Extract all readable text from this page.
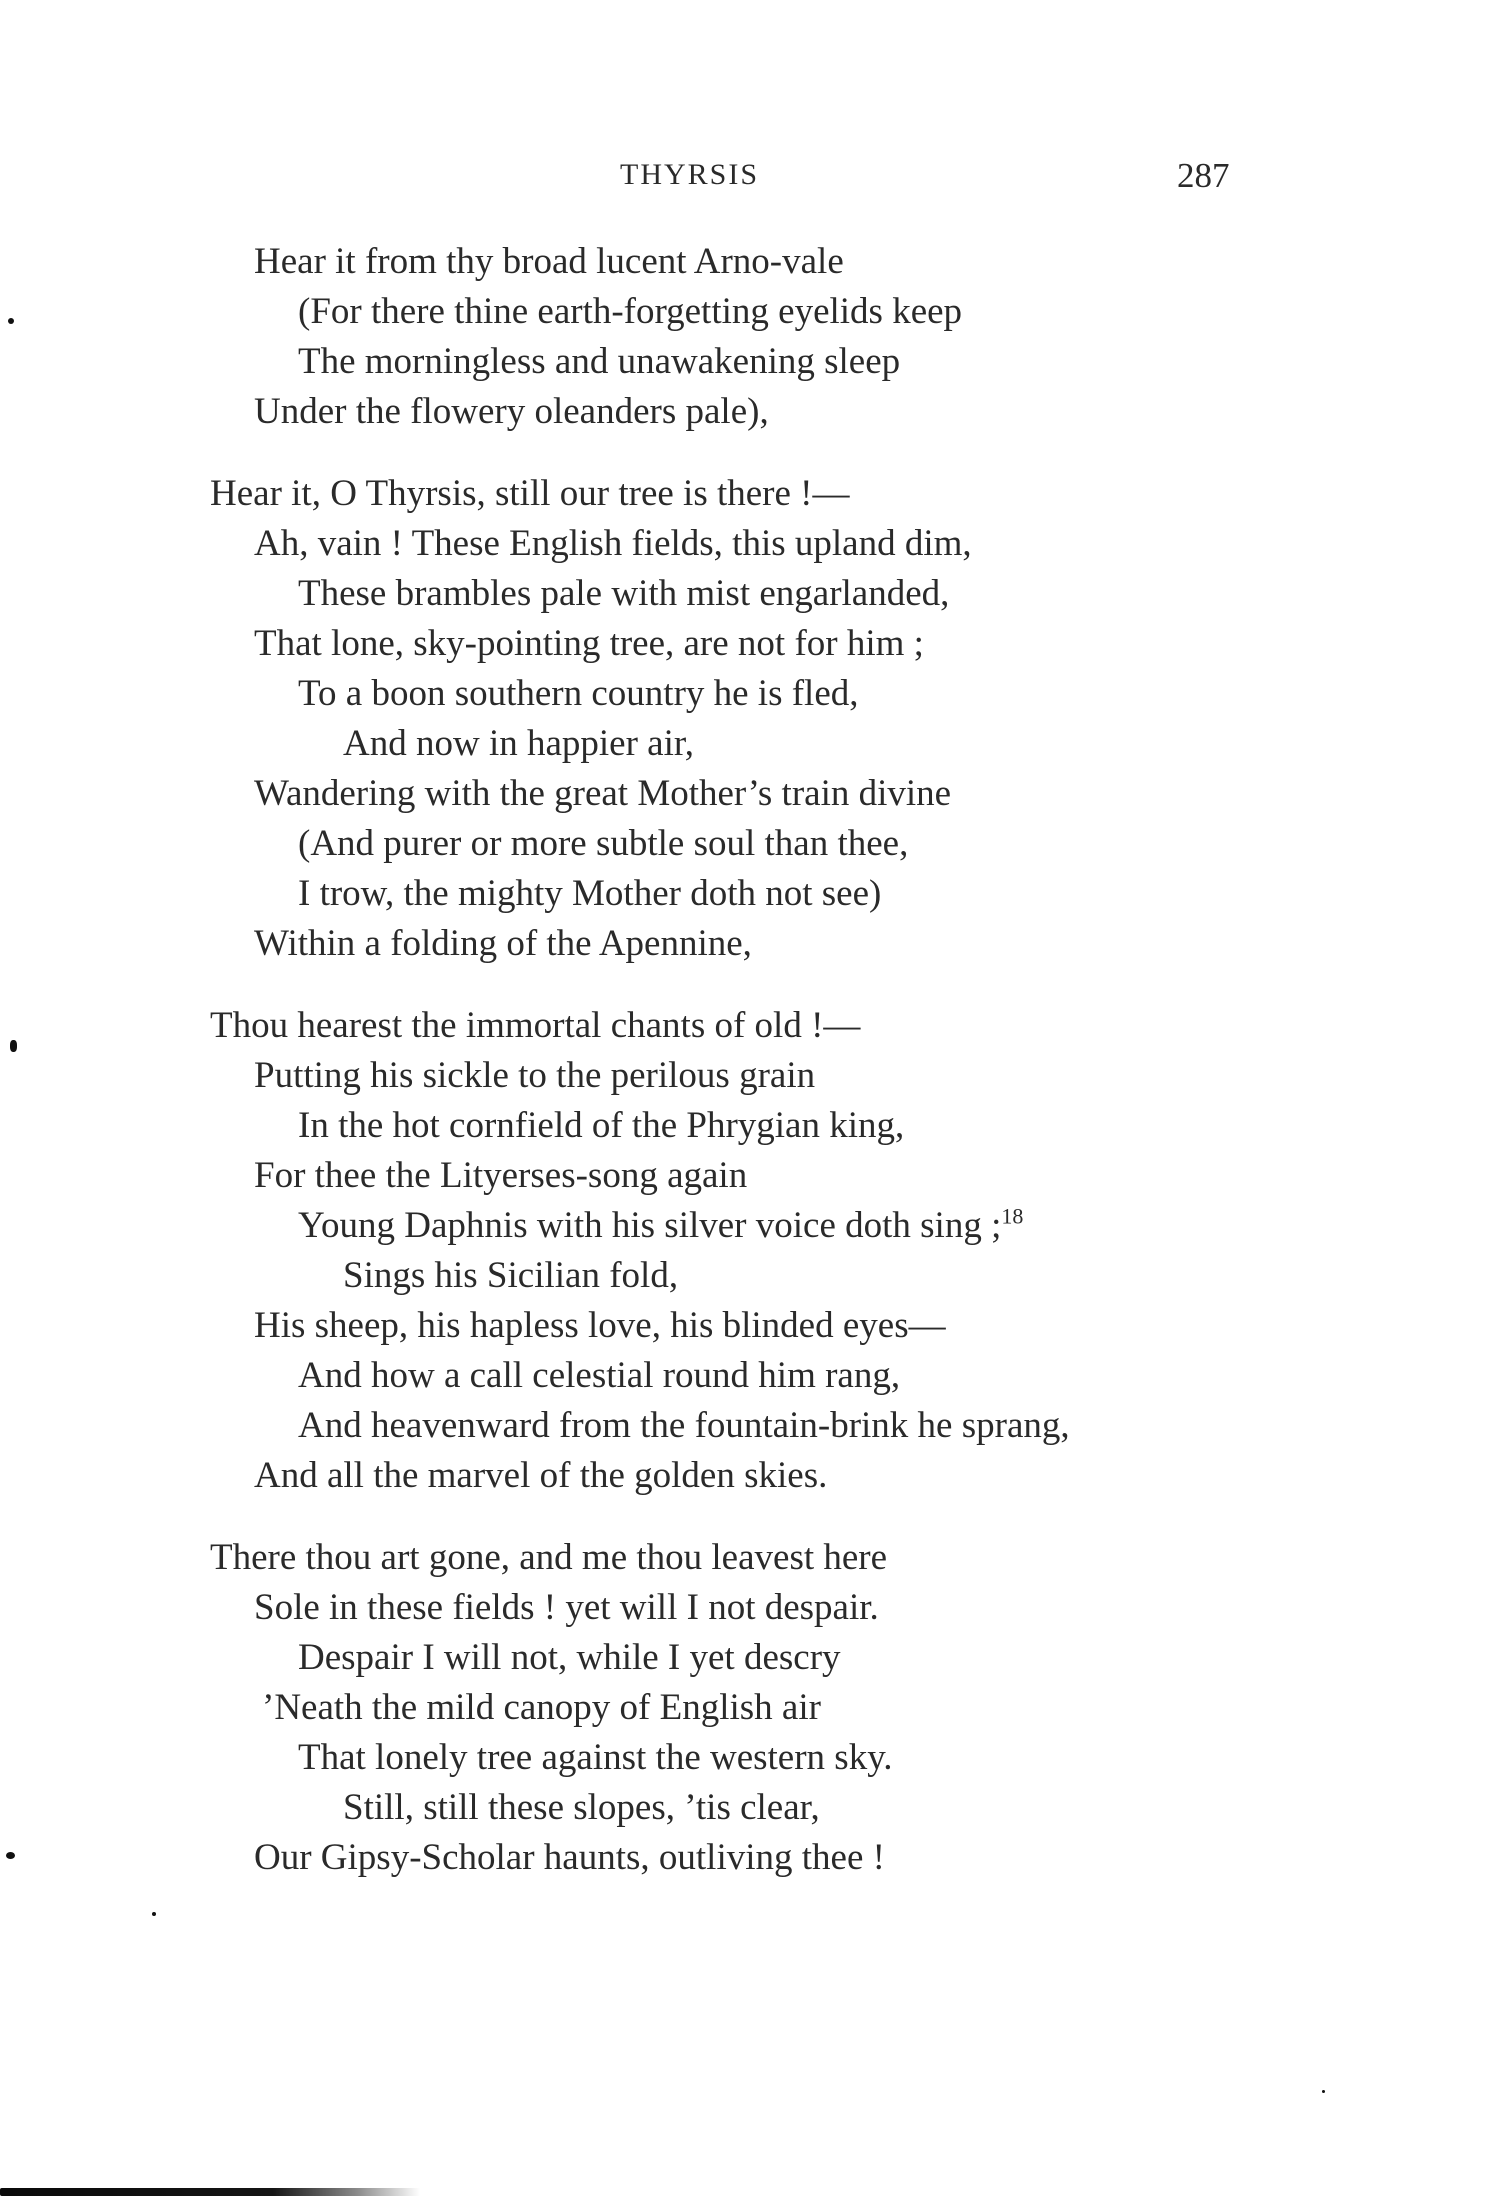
THYRSIS	287
Hear it from thy broad lucent Arno-vale
(For there thine earth-forgetting eyelids keep
The morningless and unawakening sleep
Under the flowery oleanders pale),
Hear it, O Thyrsis, still our tree is there !—
Ah, vain ! These English fields, this upland dim,
These brambles pale with mist engarlanded,
That lone, sky-pointing tree, are not for him ;
To a boon southern country he is fled,
And now in happier air,
Wandering with the great Mother’s train divine
(And purer or more subtle soul than thee,
I trow, the mighty Mother doth not see)
Within a folding of the Apennine,
Thou hearest the immortal chants of old !—
Putting his sickle to the perilous grain
In the hot cornfield of the Phrygian king,
For thee the Lityerses-song again
Young Daphnis with his silver voice doth sing ;$^{18}$
Sings his Sicilian fold,
His sheep, his hapless love, his blinded eyes—
And how a call celestial round him rang,
And heavenward from the fountain-brink he sprang,
And all the marvel of the golden skies.
There thou art gone, and me thou leavest here
Sole in these fields ! yet will I not despair.
Despair I will not, while I yet descry
’Neath the mild canopy of English air
That lonely tree against the western sky.
Still, still these slopes, ’tis clear,
Our Gipsy-Scholar haunts, outliving thee !
